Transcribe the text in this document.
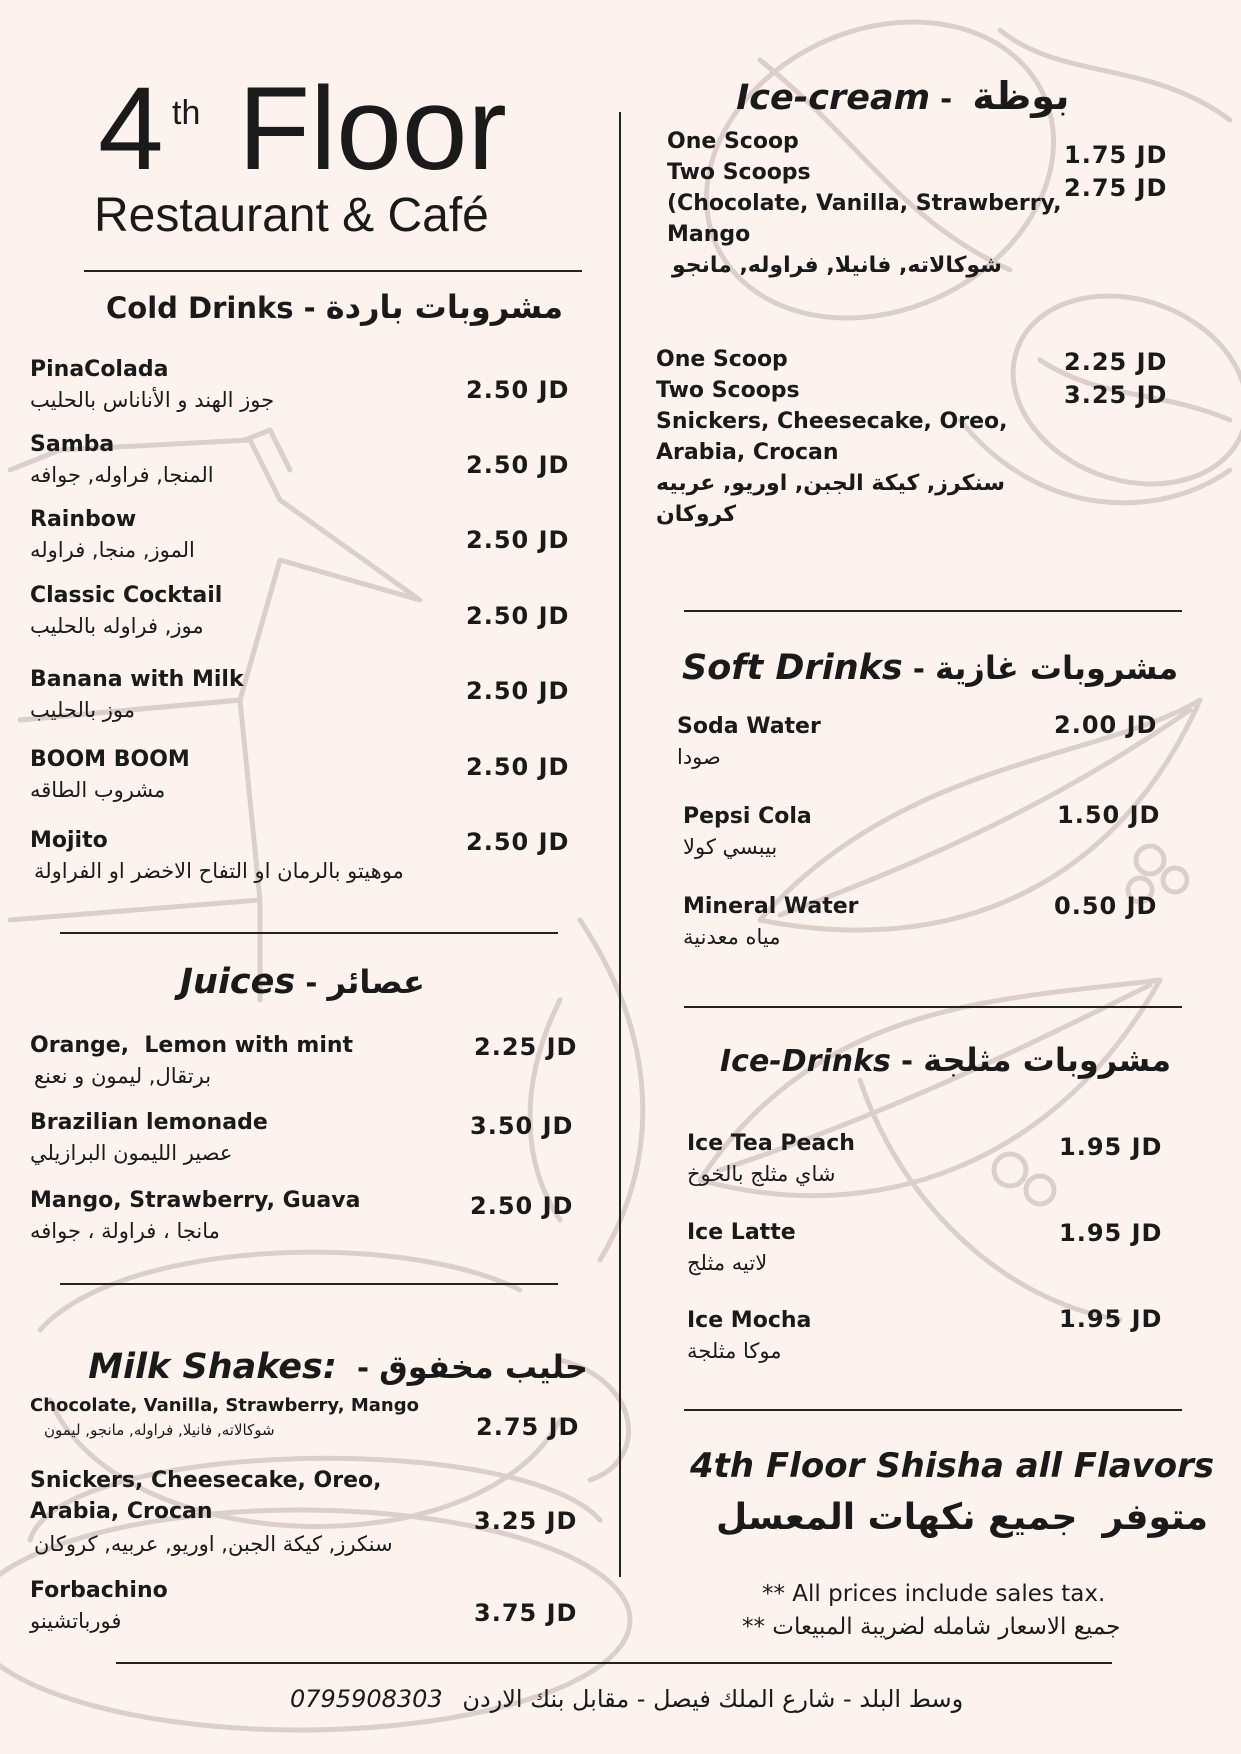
4 th Floor
Restaurant & Café
Cold Drinks - مشروبات باردة
PinaColada
جوز الهند و الأناناس بالحليب	2.50 JD
Samba
المنجا, فراوله, جوافه	2.50 JD
Rainbow
الموز, منجا, فراوله	2.50 JD
Classic Cocktail
موز, فراوله بالحليب	2.50 JD
Banana with Milk
موز بالحليب
2.50 JD
BOOM BOOM
مشروب الطاقه
2.50 JD
Mojito
موهيتو بالرمان او التفاح الاخضر او الفراولة
2.50 JD
Juices - عصائر
Orange,  Lemon with mint
برتقال, ليمون و نعنع
2.25 JD
Brazilian lemonade
عصير الليمون البرازيلي
3.50 JD
Mango, Strawberry, Guava
مانجا ، فراولة ، جوافه
2.50 JD

Milk Shakes:  - حليب مخفوق

Chocolate, Vanilla, Strawberry, Mango
شوكالاته, فانيلا, فراوله, مانجو, ليمون	2.75 JD
Snickers, Cheesecake, Oreo,
Arabia, Crocan
سنكرز, كيكة الجبن, اوريو, عربيه, كروكان
3.25 JD
Forbachino
فورباتشينو	3.75 JD

Ice-cream -  بوظة

One Scoop
Two Scoops
(Chocolate, Vanilla, Strawberry,
Mango
شوكالاته, فانيلا, فراوله, مانجو
1.75 JD
2.75 JD
One Scoop
Two Scoops
Snickers, Cheesecake, Oreo,
Arabia, Crocan
سنكرز, كيكة الجبن, اوريو, عربيه
كروكان
2.25 JD
3.25 JD
Soft Drinks - مشروبات غازية
Soda Water
صودا
2.00 JD
Pepsi Cola
بيبسي كولا
1.50 JD
Mineral Water
مياه معدنية
0.50 JD
Ice-Drinks - مشروبات مثلجة
Ice Tea Peach
شاي مثلج بالخوخ
1.95 JD
Ice Latte
لاتيه مثلج
1.95 JD
Ice Mocha
موكا مثلجة
1.95 JD
4th Floor Shisha all Flavors
متوفر  جميع نكهات المعسل
** All prices include sales tax.
جميع الاسعار شامله لضريبة المبيعات **
0795908303 وسط البلد - شارع الملك فيصل - مقابل بنك الاردن
